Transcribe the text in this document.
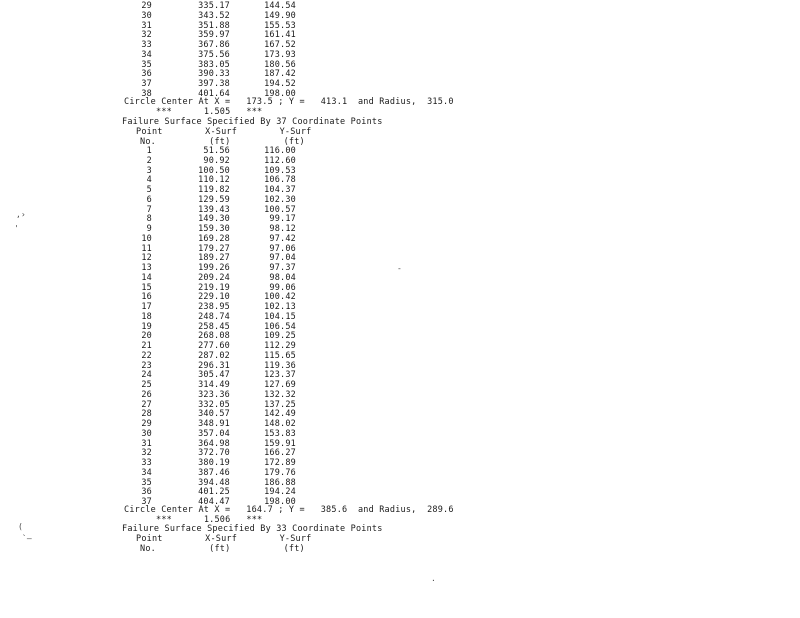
29	335.17	144.54
30	343.52	149.90
31	351.88	155.53
32	359.97	161.41
33	367.86	167.52
34	375.56	173.93
35	383.05	180.56
36	390.33	187.42
37	397.38	194.52
38	401.64	198.00
Circle Center At X =   173.5 ; Y =   413.1  and Radius,  315.0
***      1.505   ***
Failure Surface Specified By 37 Coordinate Points
Point        X-Surf        Y-Surf
No.          (ft)          (ft)
1	51.56	116.00
2	90.92	112.60
3	100.50	109.53
4	110.12	106.78
5	119.82	104.37
6	129.59	102.30
7	139.43	100.57
8	149.30	99.17
9	159.30	98.12
10	169.28	97.42
11	179.27	97.06
12	189.27	97.04
13	199.26	97.37
14	209.24	98.04
15	219.19	99.06
16	229.10	100.42
17	238.95	102.13
18	248.74	104.15
19	258.45	106.54
20	268.08	109.25
21	277.60	112.29
22	287.02	115.65
23	296.31	119.36
24	305.47	123.37
25	314.49	127.69
26	323.36	132.32
27	332.05	137.25
28	340.57	142.49
29	348.91	148.02
30	357.04	153.83
31	364.98	159.91
32	372.70	166.27
33	380.19	172.89
34	387.46	179.76
35	394.48	186.88
36	401.25	194.24
37	404.47	198.00
Circle Center At X =   164.7 ; Y =   385.6  and Radius,  289.6
***      1.506   ***
Failure Surface Specified By 33 Coordinate Points
Point        X-Surf        Y-Surf
No.          (ft)          (ft)
,›
'
(
`—
-
.
